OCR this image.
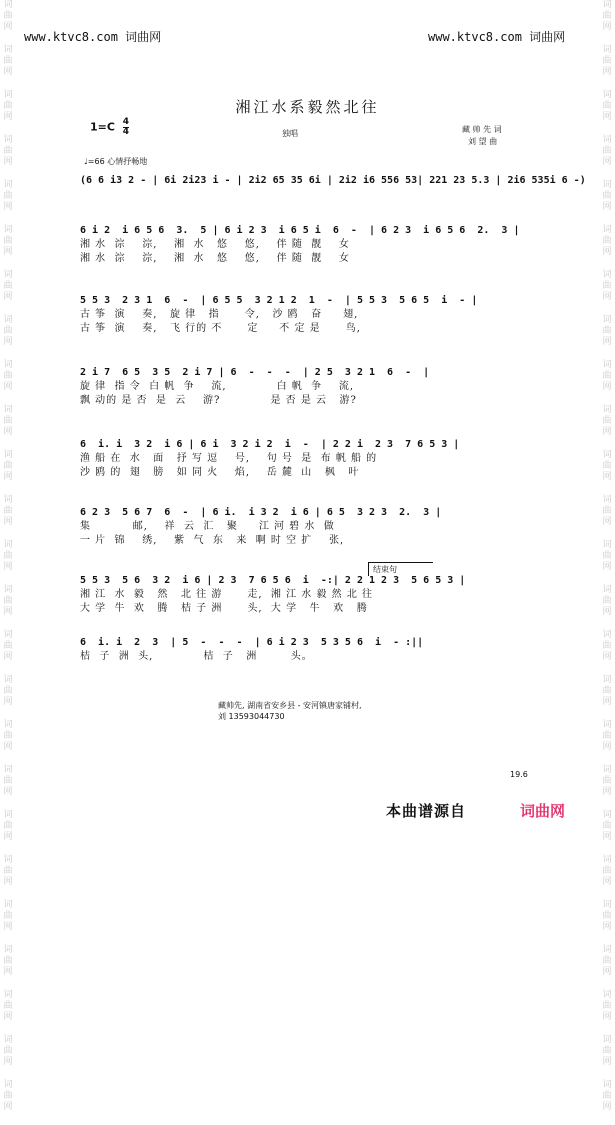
词
曲
网
词
曲
网
词
曲
网
词
曲
网
词
曲
网
词
曲
网
词
曲
网
词
曲
网
词
曲
网
词
曲
网
词
曲
网
词
曲
网
词
曲
网
词
曲
网
词
曲
网
词
曲
网
词
曲
网
词
曲
网
词
曲
网
词
曲
网
词
曲
网
词
曲
网
词
曲
网
词
曲
网
词
曲
网
词
曲
网
词
曲
网
词
曲
网
词
曲
网
词
曲
网
词
曲
网
词
曲
网
词
曲
网
词
曲
网
词
曲
网
词
曲
网
词
曲
网
词
曲
网
词
曲
网
词
曲
网
词
曲
网
词
曲
网
词
曲
网
词
曲
网
词
曲
网
词
曲
网
词
曲
网
词
曲
网
词
曲
网
词
曲
网
www.ktvc8.com 词曲网	www.ktvc8.com 词曲网
湘江水系毅然北往
$1=C \frac{4}{4}$	独唱	藏 帅 先 词
刘 望 曲
♩=66 心情抒畅地
(6 6 i3 2 - | 6i 2i23 i - | 2i2 65 35 6i | 2i2 i6 556 53| 221 23 5.3 | 2i6 535i 6 -)
6 i 2  i 6 5 6  3.  5 | 6 i 2 3  i 6 5 i  6  -  | 6 2 3  i 6 5 6  2.  3 |
湘 水  淙    淙,    湘  水   悠    悠,    伴 随  靓    女
湘 水  淙    淙,    湘  水   悠    悠,    伴 随  靓    女
5 5 3  2 3 1  6  -  | 6 5 5  3 2 1 2  1  -  | 5 5 3  5 6 5  i  - |
古 筝  演    奏,   旋 律   指      令,   沙 鸥   奋     翅,
古 筝  演    奏,   飞 行的 不      定     不 定 是      鸟,
2 i 7  6 5  3 5  2 i 7 | 6  -  -  -  | 2 5  3 2 1  6  -  |
旋 律  指 令  白 帆  争    流,            白 帆  争    流,
飘 动的 是 否  是  云    游?            是 否 是 云   游?
6  i. i  3 2  i 6 | 6 i  3 2 i 2  i  -  | 2 2 i  2 3  7 6 5 3 |
渔 船 在  水   面   抒 写 逗    号,    句 号  是  布 帆 船 的
沙 鸥 的  翅   膀   如 同 火    焰,    岳 麓  山   枫   叶
6 2 3  5 6 7  6  -  | 6 i.  i 3 2  i 6 | 6 5  3 2 3  2.  3 |
集          邮,    祥  云  汇   聚     江 河 碧 水  做
一 片  锦    绣,    紫  气  东   来  啊 时 空 扩    张,
结束句
5 5 3  5 6  3 2  i 6 | 2 3  7 6 5 6  i  -:| 2 2 1 2 3  5 6 5 3 |
湘 江  水  毅   然   北 往 游      走,  湘 江 水 毅 然 北 往
大 学  牛  欢   腾   桔 子 洲      头,  大 学   牛   欢   腾
6  i. i  2  3  | 5  -  -  -  | 6 i 2 3  5 3 5 6  i  - :||
桔  子  洲  头,            桔  子   洲        头。
藏帅先, 湖南省安乡县 - 安河镇唐家铺村,
刘 13593044730
19.6
本曲谱源自	词曲网
